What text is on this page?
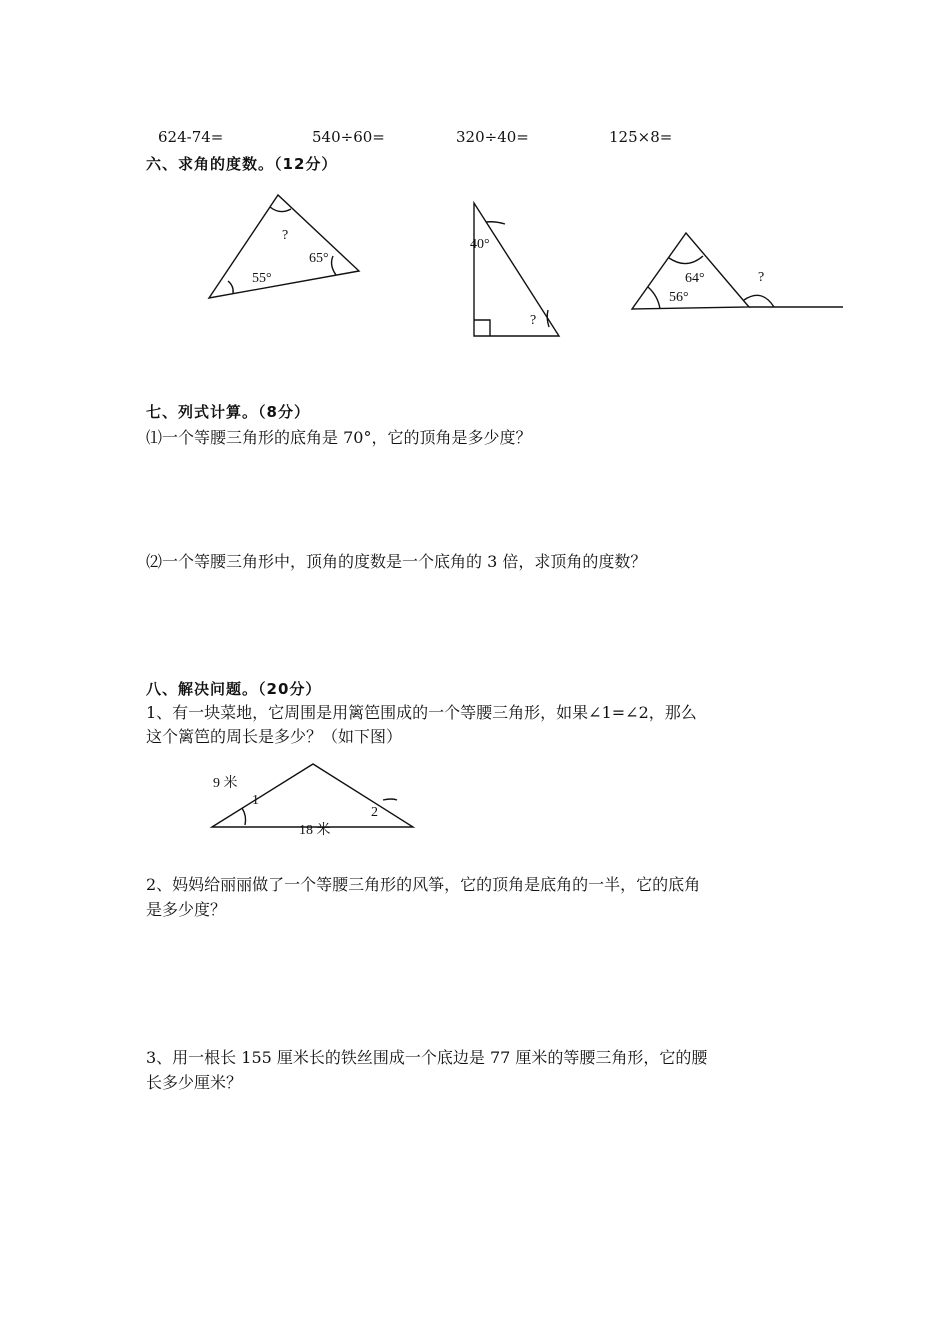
624-74=	540÷60=	320÷40=	125×8=
六、求角的度数。（12分）
?
65°
55°
40°
?
64°
56°
?
七、列式计算。（8分）
⑴一个等腰三角形的底角是 70°，它的顶角是多少度？
⑵一个等腰三角形中，顶角的度数是一个底角的 3 倍，求顶角的度数？
八、解决问题。（20分）
1、有一块菜地，它周围是用篱笆围成的一个等腰三角形，如果∠1=∠2，那么
这个篱笆的周长是多少？（如下图）
9 米
1
2
18 米
2、妈妈给丽丽做了一个等腰三角形的风筝，它的顶角是底角的一半，它的底角
是多少度？
3、用一根长 155 厘米长的铁丝围成一个底边是 77 厘米的等腰三角形，它的腰
长多少厘米？
